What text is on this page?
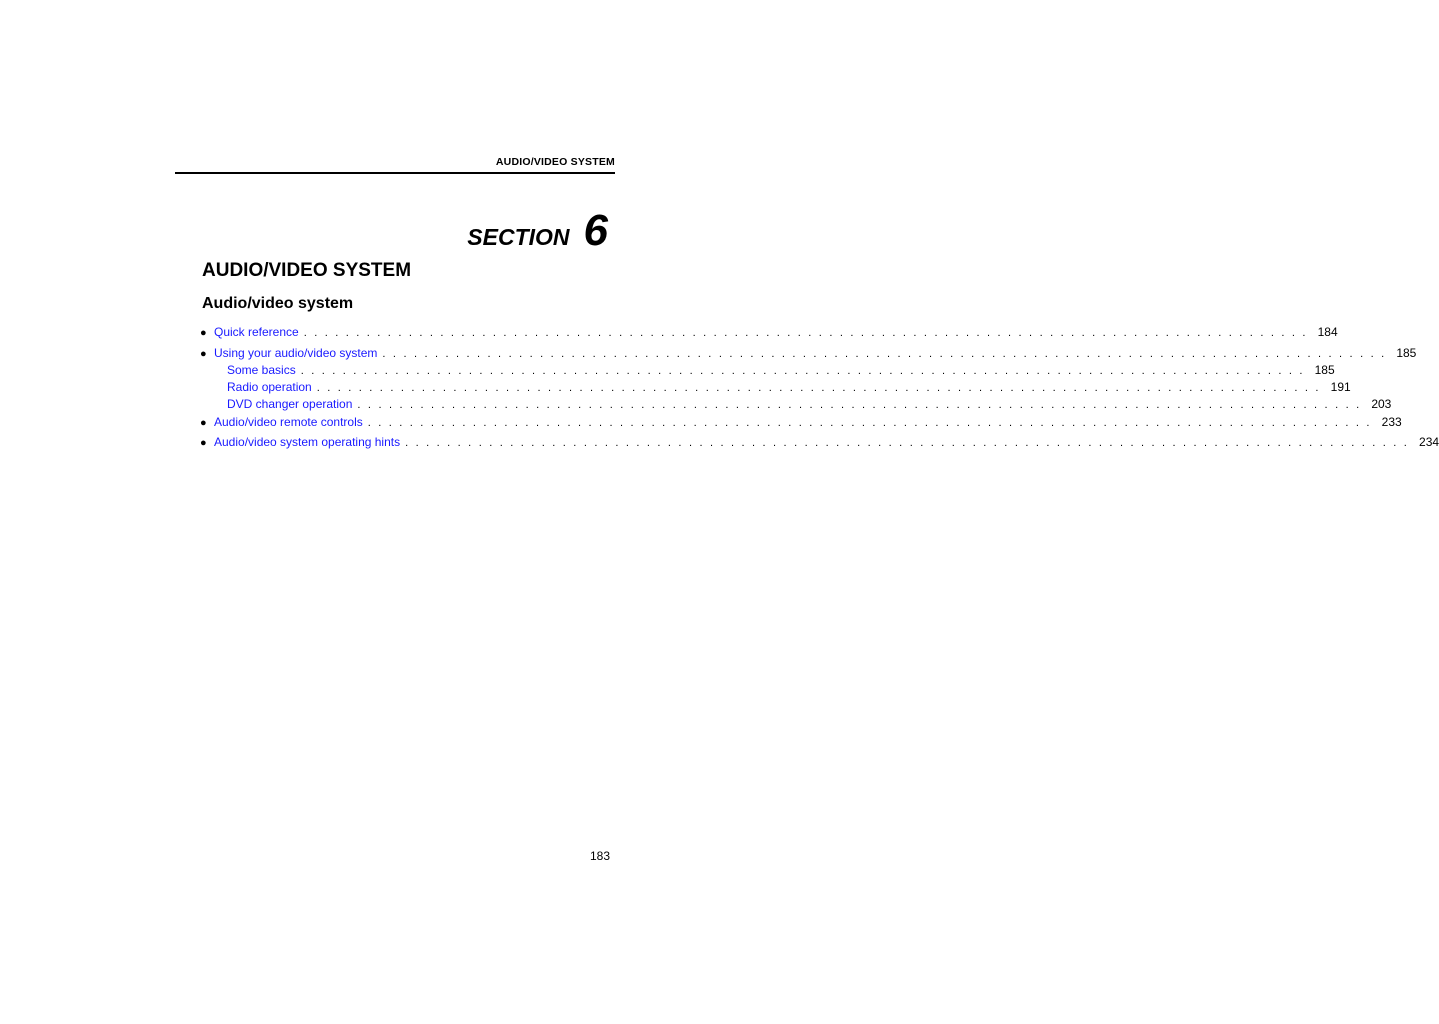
AUDIO/VIDEO SYSTEM
SECTION 6
AUDIO/VIDEO SYSTEM
Audio/video system
● Quick reference . . . . . . . . . . . . . . . . . . . . . . . . . . . . . . . . . . . . . . . . . . . . . . . . . . . . . . . . . . . . . . . . . . . . . . . . . . . . . . . . . . . . . . . . . . . . . . . . 184
● Using your audio/video system . . . . . . . . . . . . . . . . . . . . . . . . . . . . . . . . . . . . . . . . . . . . . . . . . . . . . . . . . . . . . . . . . . . . . . . . . . . . . . . . . . . . . . . . . . . . . . . . 185
Some basics . . . . . . . . . . . . . . . . . . . . . . . . . . . . . . . . . . . . . . . . . . . . . . . . . . . . . . . . . . . . . . . . . . . . . . . . . . . . . . . . . . . . . . . . . . . . . . . . 185
Radio operation . . . . . . . . . . . . . . . . . . . . . . . . . . . . . . . . . . . . . . . . . . . . . . . . . . . . . . . . . . . . . . . . . . . . . . . . . . . . . . . . . . . . . . . . . . . . . . . . 191
DVD changer operation . . . . . . . . . . . . . . . . . . . . . . . . . . . . . . . . . . . . . . . . . . . . . . . . . . . . . . . . . . . . . . . . . . . . . . . . . . . . . . . . . . . . . . . . . . . . . . . . 203
● Audio/video remote controls . . . . . . . . . . . . . . . . . . . . . . . . . . . . . . . . . . . . . . . . . . . . . . . . . . . . . . . . . . . . . . . . . . . . . . . . . . . . . . . . . . . . . . . . . . . . . . . . 233
● Audio/video system operating hints . . . . . . . . . . . . . . . . . . . . . . . . . . . . . . . . . . . . . . . . . . . . . . . . . . . . . . . . . . . . . . . . . . . . . . . . . . . . . . . . . . . . . . . . . . . . . . . . 234
183
